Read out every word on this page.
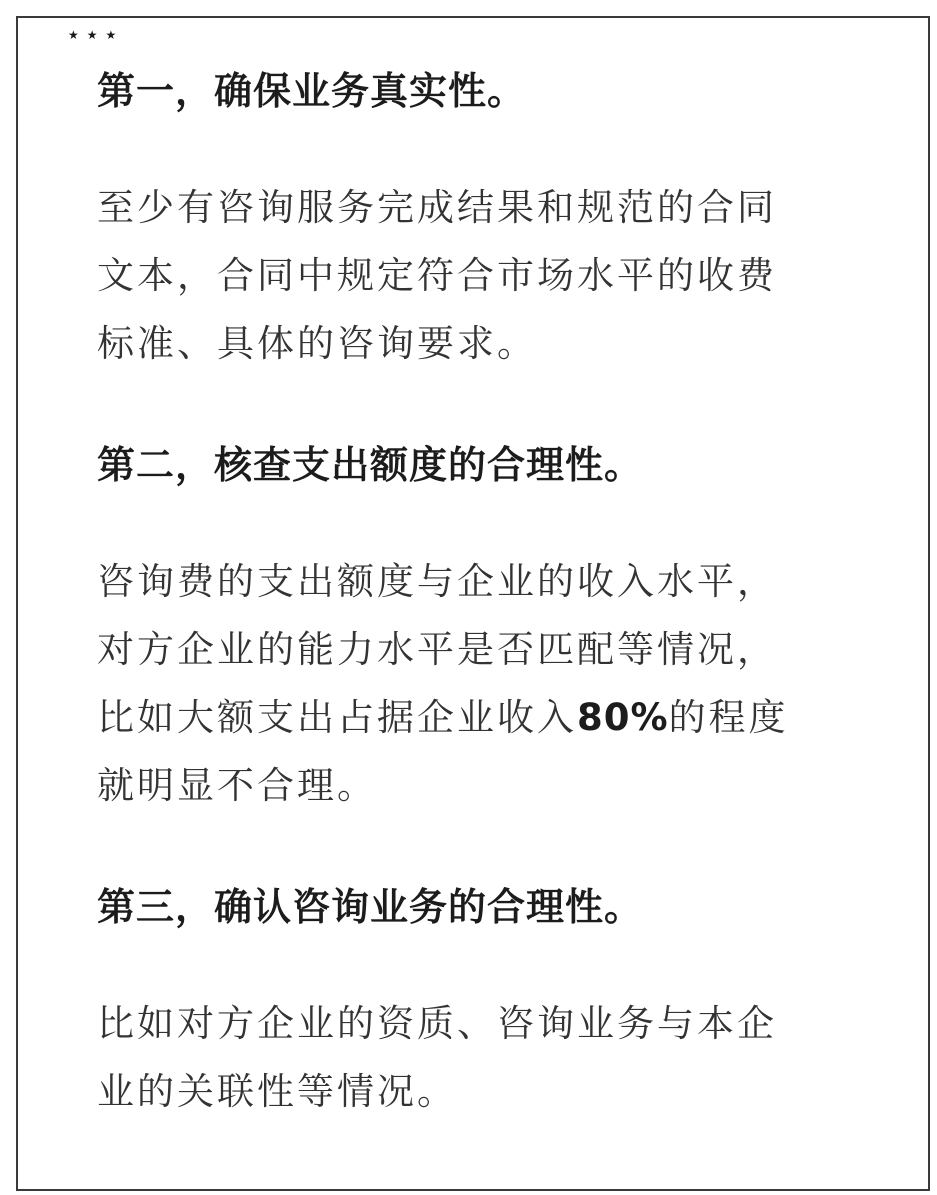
★ ★ ★

第一，确保业务真实性。

至少有咨询服务完成结果和规范的合同

文本，合同中规定符合市场水平的收费

标准、具体的咨询要求。

第二，核查支出额度的合理性。

咨询费的支出额度与企业的收入水平，

对方企业的能力水平是否匹配等情况，

比如大额支出占据企业收入80%的程度

就明显不合理。

第三，确认咨询业务的合理性。

比如对方企业的资质、咨询业务与本企

业的关联性等情况。
